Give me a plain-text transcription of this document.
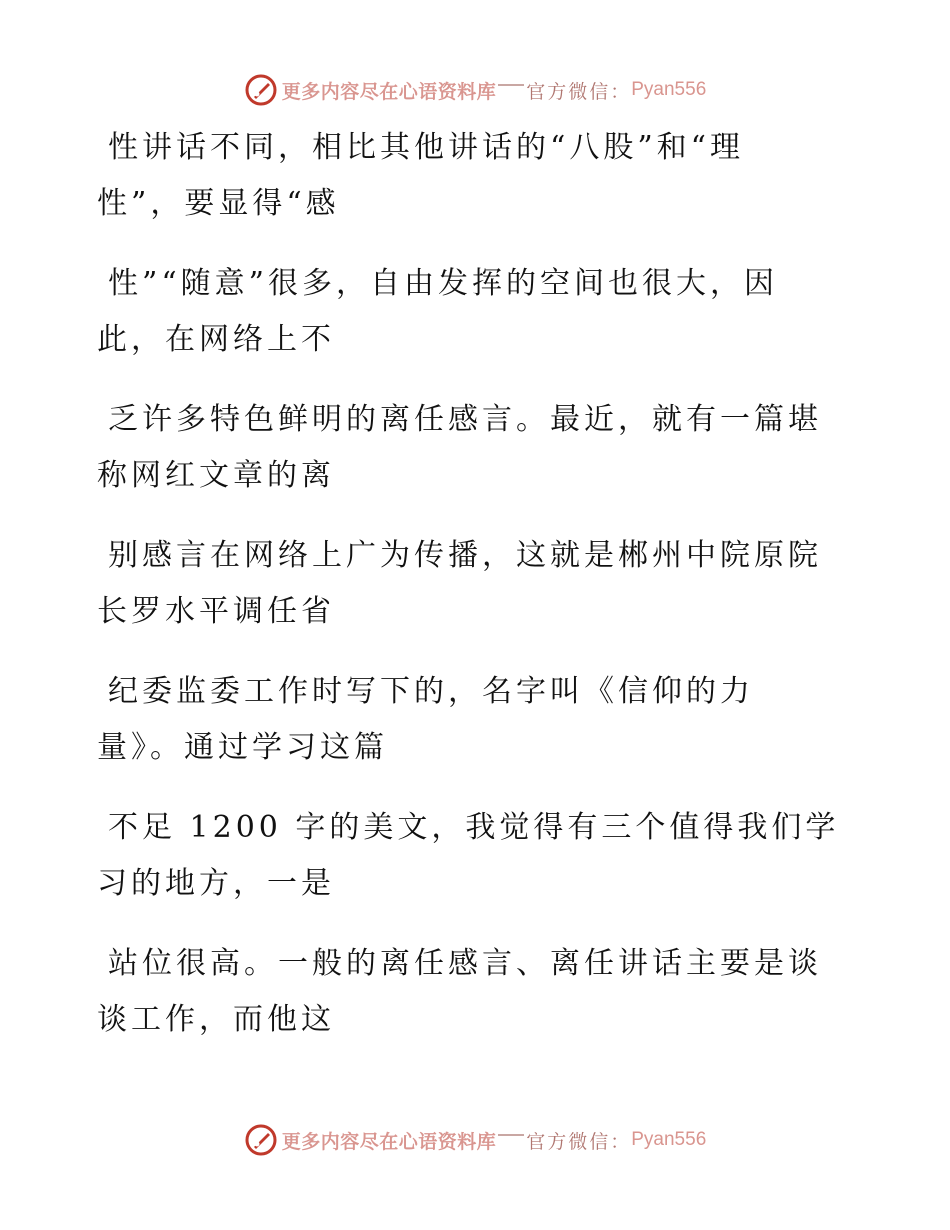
更多内容尽在心语资料库 官方微信： Pyan556

性讲话不同，相比其他讲话的“八股”和“理
性”，要显得“感

性”“随意”很多，自由发挥的空间也很大，因
此，在网络上不

乏许多特色鲜明的离任感言。最近，就有一篇堪
称网红文章的离

别感言在网络上广为传播，这就是郴州中院原院
长罗水平调任省

纪委监委工作时写下的，名字叫《信仰的力
量》。通过学习这篇

不足 1200 字的美文，我觉得有三个值得我们学
习的地方，一是

站位很高。一般的离任感言、离任讲话主要是谈
谈工作，而他这

更多内容尽在心语资料库 官方微信： Pyan556
